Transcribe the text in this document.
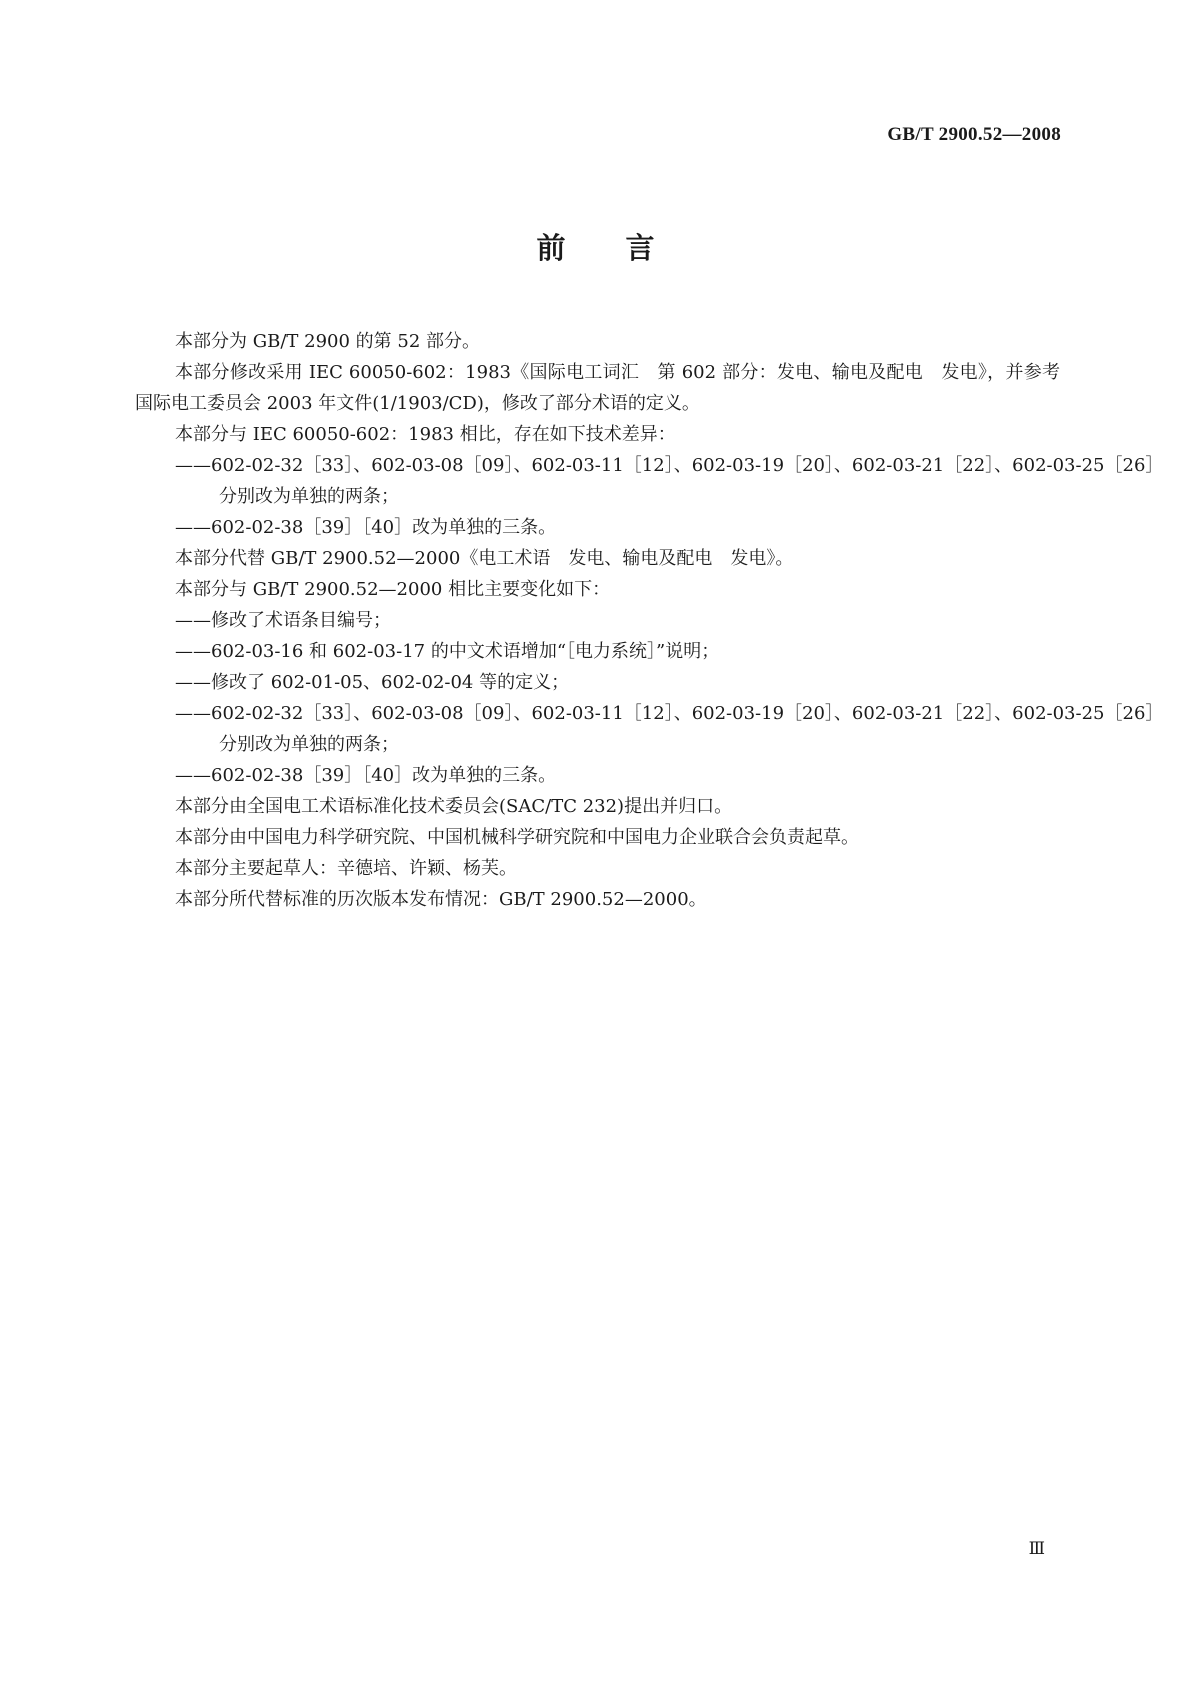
GB/T 2900.52—2008
前言

本部分为 GB/T 2900 的第 52 部分。

本部分修改采用 IEC 60050-602：1983《国际电工词汇　第 602 部分：发电、输电及配电　发电》，并参考国际电工委员会 2003 年文件(1/1903/CD)，修改了部分术语的定义。

本部分与 IEC 60050-602：1983 相比，存在如下技术差异：

——602-02-32［33］、602-03-08［09］、602-03-11［12］、602-03-19［20］、602-03-21［22］、602-03-25［26］
分别改为单独的两条；

——602-02-38［39］［40］改为单独的三条。

本部分代替 GB/T 2900.52—2000《电工术语　发电、输电及配电　发电》。

本部分与 GB/T 2900.52—2000 相比主要变化如下：

——修改了术语条目编号；

——602-03-16 和 602-03-17 的中文术语增加“［电力系统］”说明；

——修改了 602-01-05、602-02-04 等的定义；

——602-02-32［33］、602-03-08［09］、602-03-11［12］、602-03-19［20］、602-03-21［22］、602-03-25［26］
分别改为单独的两条；

——602-02-38［39］［40］改为单独的三条。

本部分由全国电工术语标准化技术委员会(SAC/TC 232)提出并归口。

本部分由中国电力科学研究院、中国机械科学研究院和中国电力企业联合会负责起草。

本部分主要起草人：辛德培、许颖、杨芙。

本部分所代替标准的历次版本发布情况：GB/T 2900.52—2000。

Ⅲ
